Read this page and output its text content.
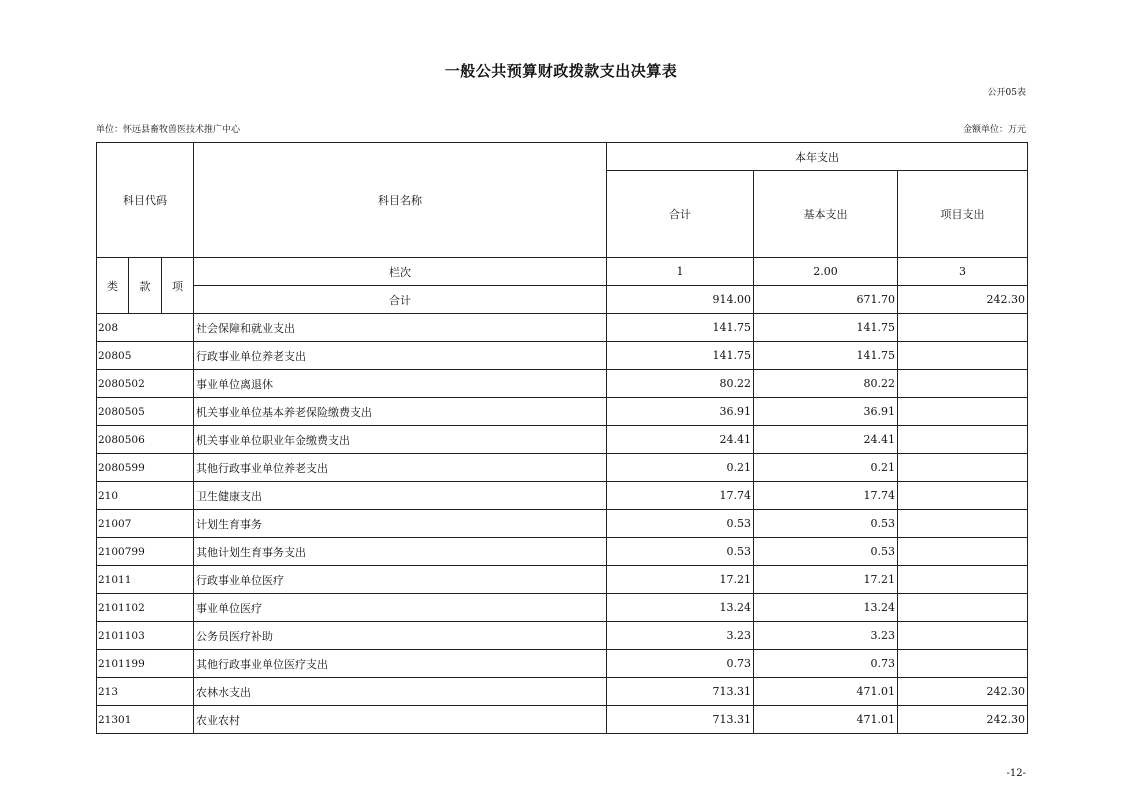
一般公共预算财政拨款支出决算表
公开05表
单位：怀远县畜牧兽医技术推广中心	金额单位：万元
科目代码			科目名称	本年支出		
				合计	基本支出	项目支出
类	款	项	栏次	1	2.00	3
			合计	914.00	671.70	242.30
208			社会保障和就业支出	141.75	141.75	
20805			行政事业单位养老支出	141.75	141.75	
2080502			事业单位离退休	80.22	80.22	
2080505			机关事业单位基本养老保险缴费支出	36.91	36.91	
2080506			机关事业单位职业年金缴费支出	24.41	24.41	
2080599			其他行政事业单位养老支出	0.21	0.21	
210			卫生健康支出	17.74	17.74	
21007			计划生育事务	0.53	0.53	
2100799			其他计划生育事务支出	0.53	0.53	
21011			行政事业单位医疗	17.21	17.21	
2101102			事业单位医疗	13.24	13.24	
2101103			公务员医疗补助	3.23	3.23	
2101199			其他行政事业单位医疗支出	0.73	0.73	
213			农林水支出	713.31	471.01	242.30
21301			农业农村	713.31	471.01	242.30
-12-
